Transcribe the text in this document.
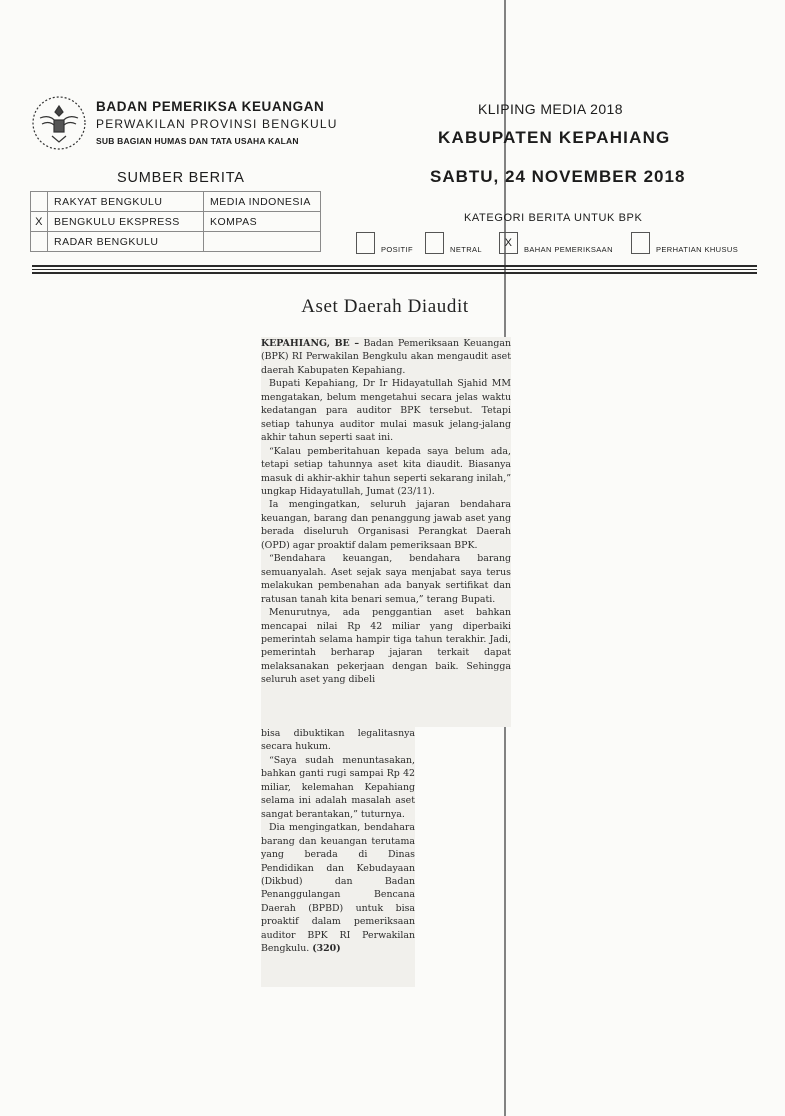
BADAN PEMERIKSA KEUANGAN
PERWAKILAN PROVINSI BENGKULU
SUB BAGIAN HUMAS DAN TATA USAHA KALAN
KLIPING MEDIA 2018
KABUPATEN KEPAHIANG
SABTU, 24 NOVEMBER 2018
SUMBER BERITA
	RAKYAT BENGKULU	MEDIA INDONESIA
X	BENGKULU EKSPRESS	KOMPAS
	RADAR BENGKULU	
KATEGORI BERITA UNTUK BPK
POSITIF	NETRAL
X
BAHAN PEMERIKSAAN	PERHATIAN KHUSUS
Aset Daerah Diaudit

KEPAHIANG, BE – Badan Pemeriksaan Keuangan (BPK) RI Perwakilan Bengkulu akan mengaudit aset daerah Kabupaten Kepahiang.

Bupati Kepahiang, Dr Ir Hidayatullah Sjahid MM mengatakan, belum mengetahui secara jelas waktu kedatangan para auditor BPK tersebut. Tetapi setiap tahunya auditor mulai masuk jelang-jalang akhir tahun seperti saat ini.

“Kalau pemberitahuan kepada saya belum ada, tetapi setiap tahunnya aset kita diaudit. Biasanya masuk di akhir-akhir tahun seperti sekarang inilah,” ungkap Hidayatullah, Jumat (23/11).

Ia mengingatkan, seluruh jajaran bendahara keuangan, barang dan penanggung jawab aset yang berada diseluruh Organisasi Perangkat Daerah (OPD) agar proaktif dalam pemeriksaan BPK.

“Bendahara keuangan, bendahara barang semuanyalah. Aset sejak saya menjabat saya terus melakukan pembenahan ada banyak sertifikat dan ratusan tanah kita benari semua,” terang Bupati.

Menurutnya, ada penggantian aset bahkan mencapai nilai Rp 42 miliar yang diperbaiki pemerintah selama hampir tiga tahun terakhir. Jadi, pemerintah berharap jajaran terkait dapat melaksanakan pekerjaan dengan baik. Sehingga seluruh aset yang dibeli

bisa dibuktikan legalitasnya secara hukum.

“Saya sudah menuntasakan, bahkan ganti rugi sampai Rp 42 miliar, kelemahan Kepahiang selama ini adalah masalah aset sangat berantakan,” tuturnya.

Dia mengingatkan, bendahara barang dan keuangan terutama yang berada di Dinas Pendidikan dan Kebudayaan (Dikbud) dan Badan Penanggulangan Bencana Daerah (BPBD) untuk bisa proaktif dalam pemeriksaan auditor BPK RI Perwakilan Bengkulu. (320)
